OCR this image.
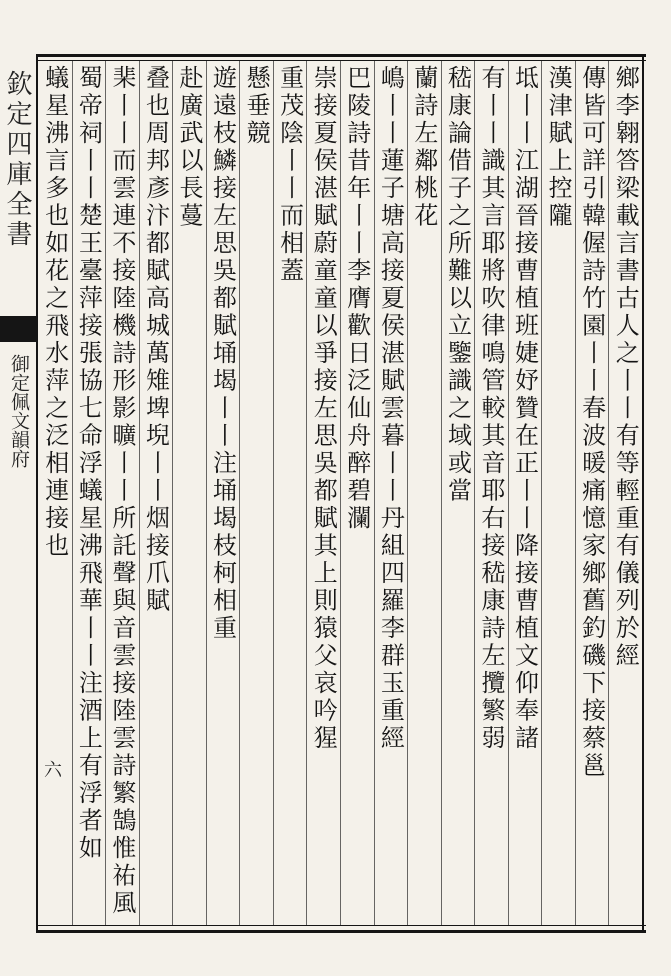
欽定四庫全書
御定佩文韻府
六
鄉李翱答梁載言書古人之丨丨有等輕重有儀列於經
傳皆可詳引韓偓詩竹園丨丨春波暖痛憶家鄉舊釣磯下接蔡邕
漢津賦上控隴
坻丨丨江湖晉接曹植班婕妤贊在正丨丨降接曹植文仰奉諸
有丨丨識其言耶將吹律鳴管較其音耶右接嵇康詩左攬繁弱
嵇康論借子之所難以立鑒識之域或當
蘭詩左鄰桃花
嶋丨丨蓮子塘高接夏侯湛賦雲暮丨丨丹組四羅李群玉重經
巴陵詩昔年丨丨李膺歡日泛仙舟醉碧瀾
崇接夏侯湛賦蔚童童以爭接左思吳都賦其上則猿父哀吟猩
重茂陰丨丨而相蓋
懸垂競
遊遠枝鱗接左思吳都賦埇堨丨丨注埇堨枝柯相重
赴廣武以長蔓
叠也周邦彥汴都賦高城萬雉埤堄丨丨烟接爪賦
棐丨丨而雲連不接陸機詩形影曠丨丨所託聲與音雲接陸雲詩繁鵠惟祐風
蜀帝祠丨丨楚王臺萍接張協七命浮蟻星沸飛華丨丨注酒上有浮者如
蟻星沸言多也如花之飛水萍之泛相連接也
